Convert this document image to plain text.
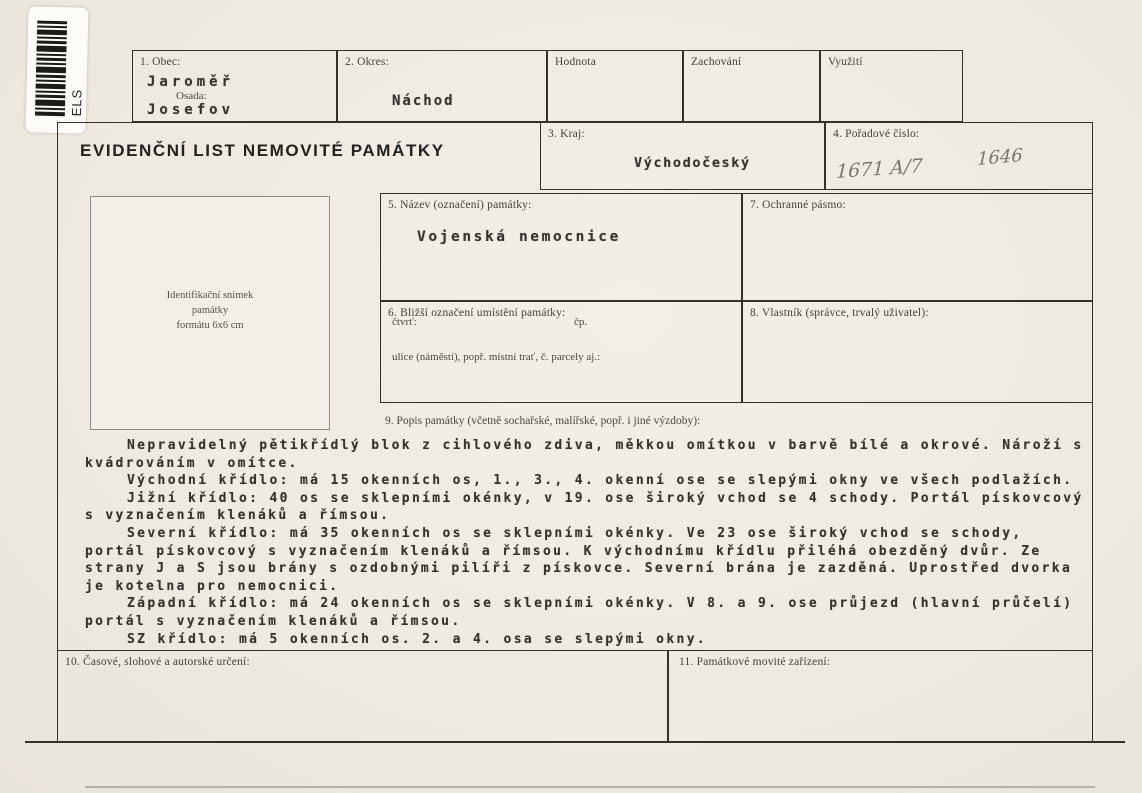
ELS
1. Obec:
Jaroměř
Osada:
Josefov
2. Okres:
Náchod
Hodnota	Zachování	Využití
EVIDENČNÍ LIST NEMOVITÉ PAMÁTKY
3. Kraj:
Východočeský
4. Pořadové číslo:
1671 A/7	1646
Identifikační snímek
památky
formátu 6x6 cm
5. Název (označení) památky:
Vojenská nemocnice
7. Ochranné pásmo:
6. Bližší označení umístění památky:
čtvrť:	čp.
ulice (náměstí), popř. místní trať, č. parcely aj.:
8. Vlastník (správce, trvalý uživatel):
9. Popis památky (včetně sochařské, malířské, popř. i jiné výzdoby):

Nepravidelný pětikřídlý blok z cihlového zdiva, měkkou omítkou v barvě bílé a okrové. Nároží s kvádrováním v omítce.

Východní křídlo: má 15 okenních os, 1., 3., 4. okenní ose se slepými okny ve všech podlažích.

Jižní křídlo: 40 os se sklepními okénky, v 19. ose široký vchod se 4 schody. Portál pískovcový s vyznačením klenáků a římsou.

Severní křídlo: má 35 okenních os se sklepními okénky. Ve 23 ose široký vchod se schody, portál pískovcový s vyznačením klenáků a římsou. K východnímu křídlu přiléhá obezděný dvůr. Ze strany J a S jsou brány s ozdobnými pilíři z pískovce. Severní brána je zazděná. Uprostřed dvorka je kotelna pro nemocnici.

Západní křídlo: má 24 okenních os se sklepními okénky. V 8. a 9. ose průjezd (hlavní průčelí) portál s vyznačením klenáků a římsou.

SZ křídlo: má 5 okenních os. 2. a 4. osa se slepými okny.

10. Časové, slohové a autorské určení:	11. Památkové movité zařízení:
